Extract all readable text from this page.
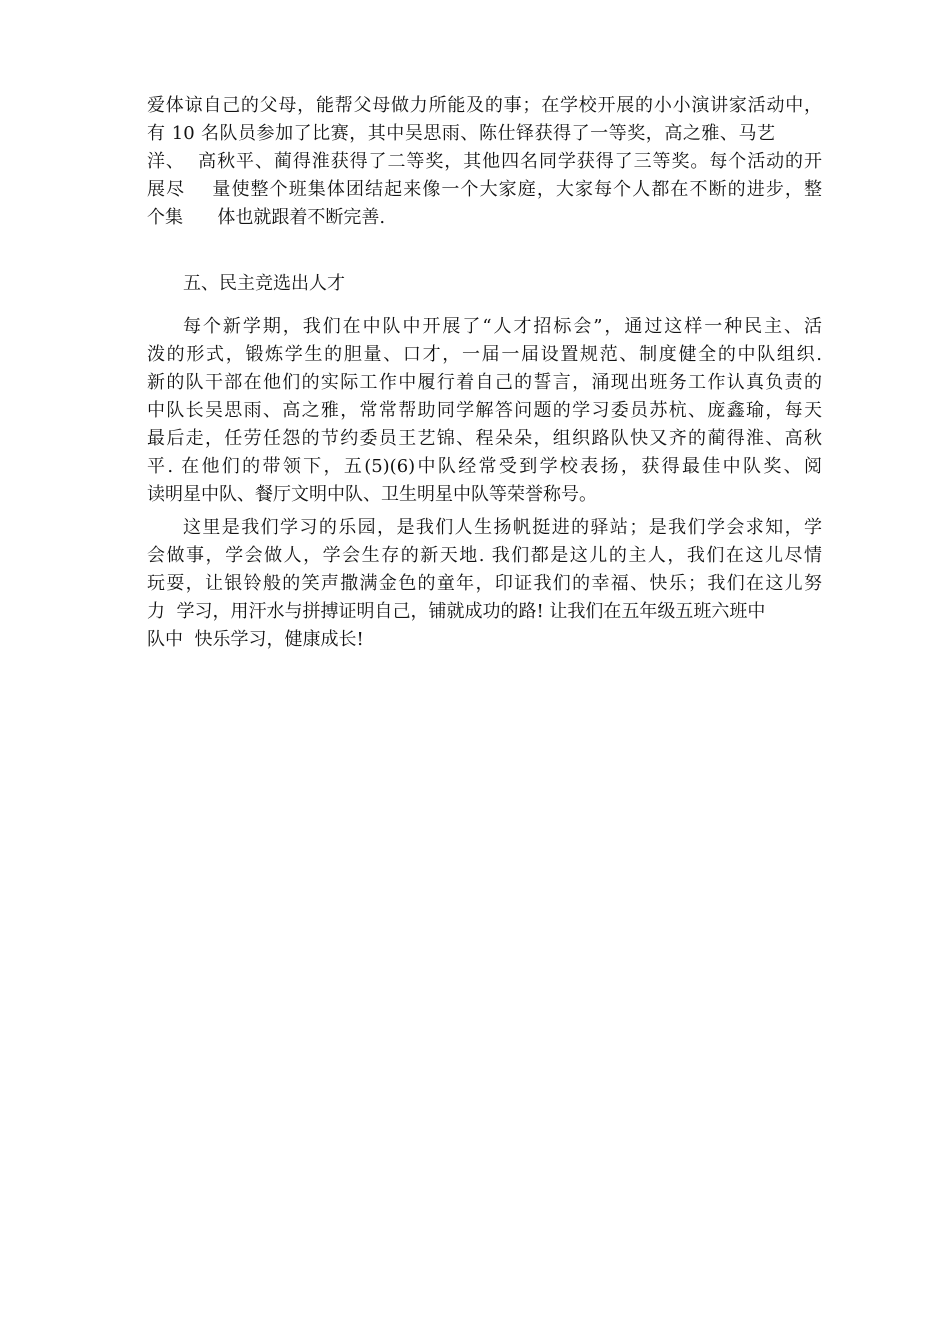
爱体谅自己的父母，能帮父母做力所能及的事；在学校开展的小小演讲家活动中，
有 10 名队员参加了比赛，其中吴思雨、陈仕铎获得了一等奖，高之雅、马艺
洋、  高秋平、蔺得淮获得了二等奖，其他四名同学获得了三等奖。每个活动的开
展尽    量使整个班集体团结起来像一个大家庭，大家每个人都在不断的进步，整
个集      体也就跟着不断完善.
五、民主竞选出人才
每个新学期，我们在中队中开展了“人才招标会”，通过这样一种民主、活
泼的形式，锻炼学生的胆量、口才，一届一届设置规范、制度健全的中队组织.
新的队干部在他们的实际工作中履行着自己的誓言，涌现出班务工作认真负责的
中队长吴思雨、高之雅，常常帮助同学解答问题的学习委员苏杭、庞鑫瑜，每天
最后走，任劳任怨的节约委员王艺锦、程朵朵，组织路队快又齐的蔺得淮、高秋
平. 在他们的带领下，五(5)(6)中队经常受到学校表扬，获得最佳中队奖、阅
读明星中队、餐厅文明中队、卫生明星中队等荣誉称号。
这里是我们学习的乐园，是我们人生扬帆挺进的驿站；是我们学会求知，学
会做事，学会做人，学会生存的新天地. 我们都是这儿的主人，我们在这儿尽情
玩耍，让银铃般的笑声撒满金色的童年，印证我们的幸福、快乐；我们在这儿努
力  学习，用汗水与拼搏证明自己，铺就成功的路! 让我们在五年级五班六班中
队中  快乐学习，健康成长!
